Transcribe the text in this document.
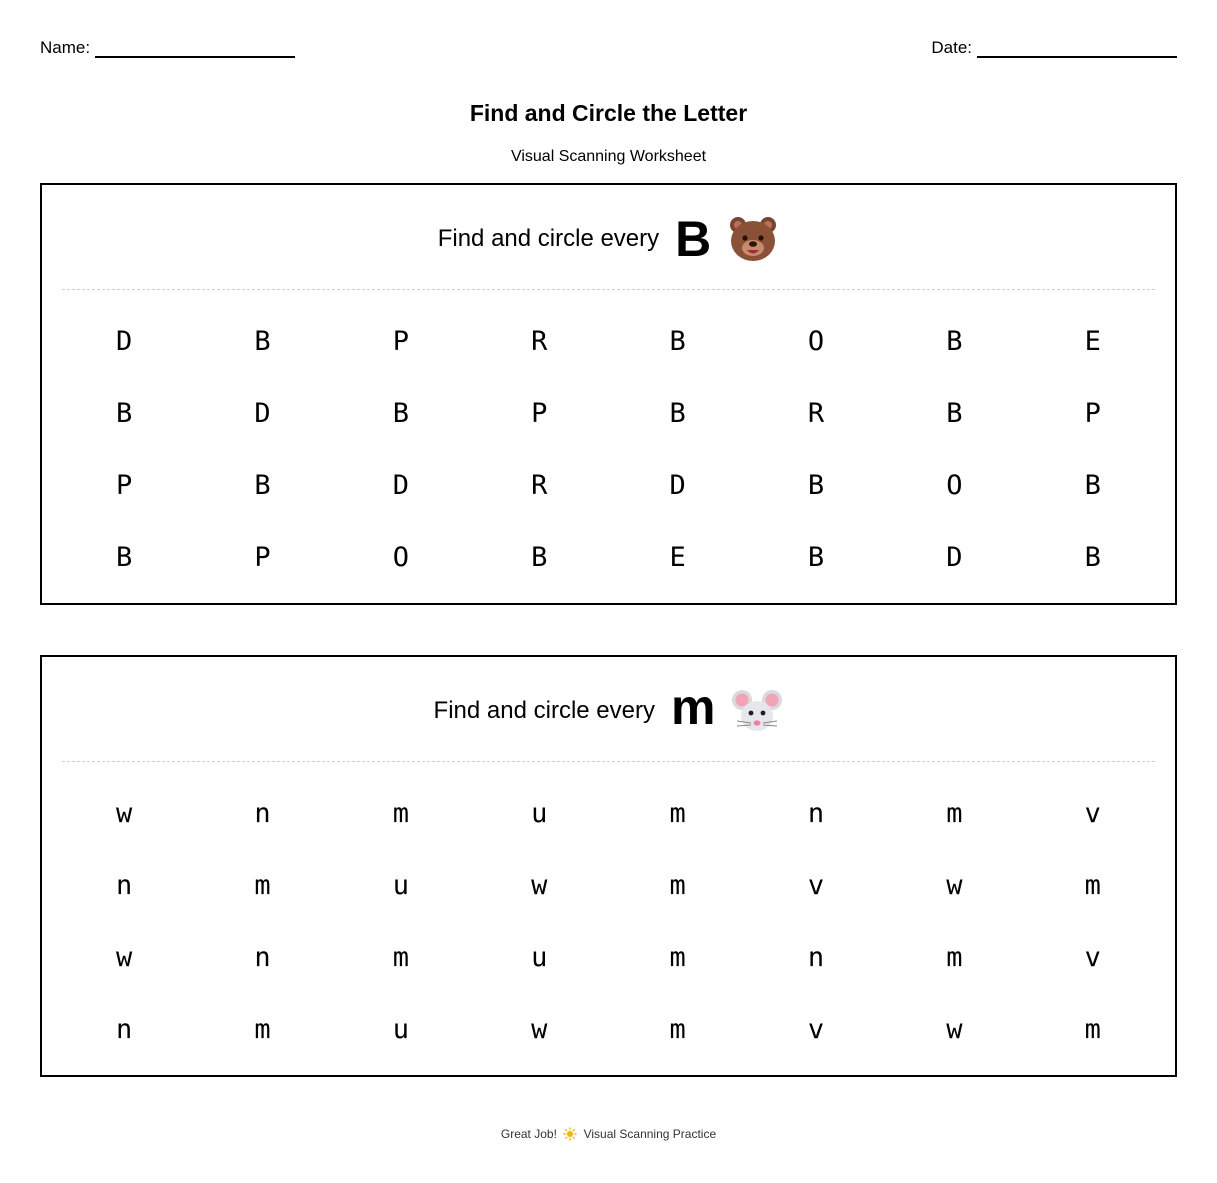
Name:	Date:
Find and Circle the Letter
Visual Scanning Worksheet
Find and circle every B
D	B	P	R	B	O	B	E
B	D	B	P	B	R	B	P
P	B	D	R	D	B	O	B
B	P	O	B	E	B	D	B
Find and circle every m
w	n	m	u	m	n	m	v
n	m	u	w	m	v	w	m
w	n	m	u	m	n	m	v
n	m	u	w	m	v	w	m
Great Job! Visual Scanning Practice
